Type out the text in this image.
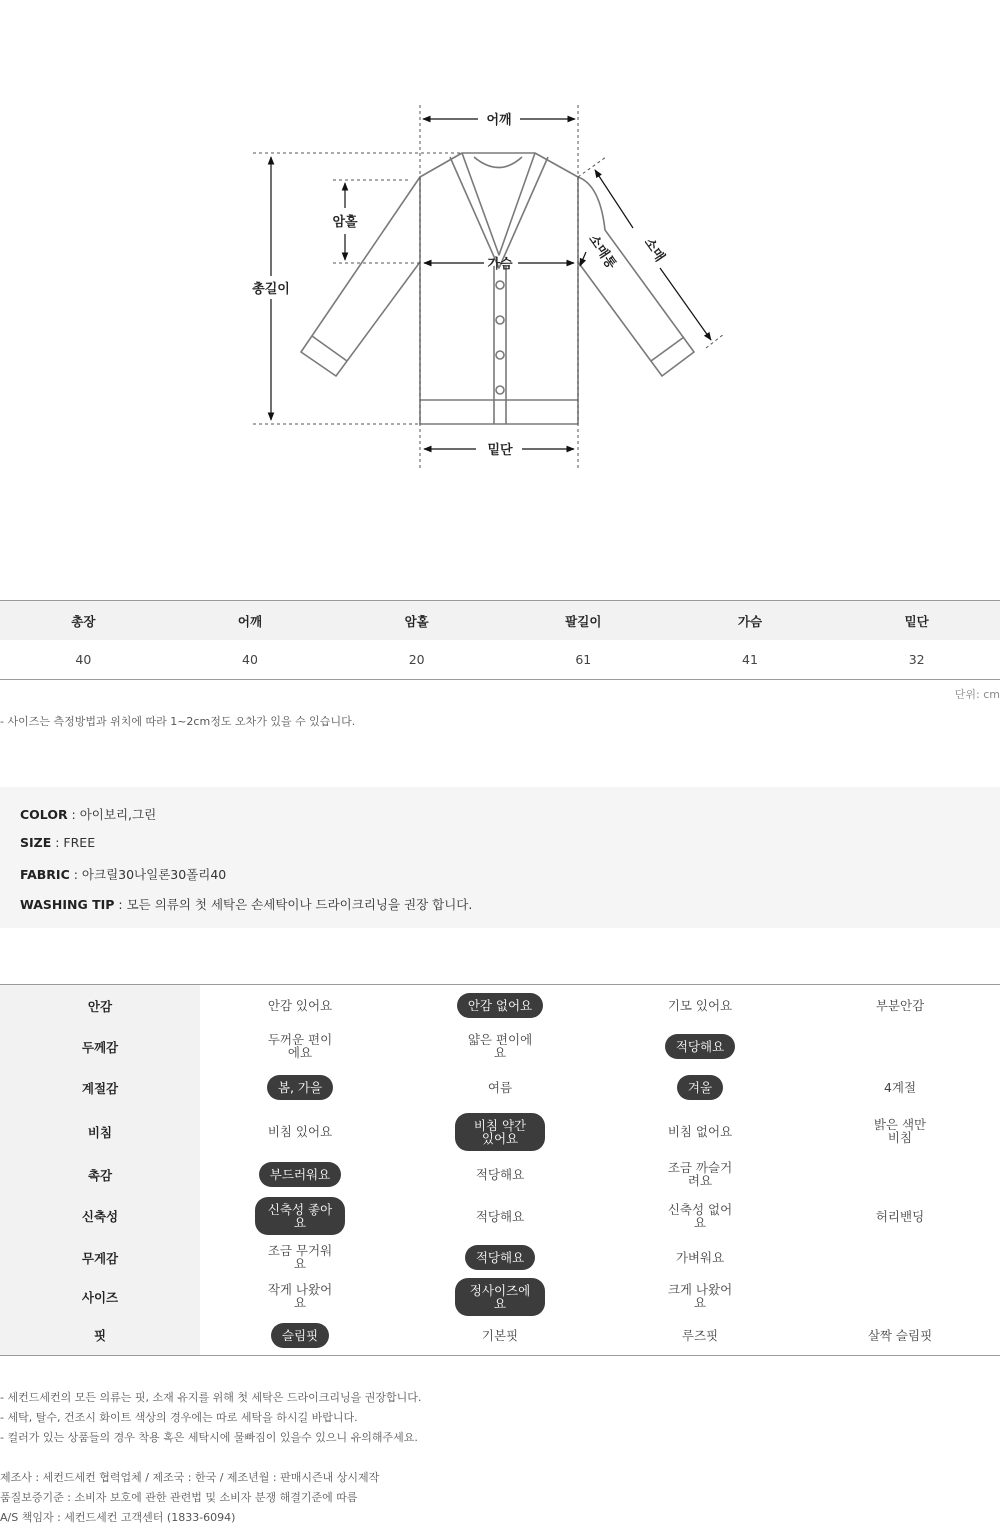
어깨
총길이
암홀
가슴
밑단
소매
소매통
총장	어깨	암홀	팔길이	가슴	밑단
40	40	20	61	41	32
단위: cm

- 사이즈는 측정방법과 위치에 따라 1~2cm정도 오차가 있을 수 있습니다.

COLOR : 아이보리,그린
SIZE : FREE
FABRIC : 아크릴30나일론30폴리40
WASHING TIP : 모든 의류의 첫 세탁은 손세탁이나 드라이크리닝을 권장 합니다.
안감	안감 있어요	안감 없어요	기모 있어요	부분안감
두께감	두꺼운 편이에요	얇은 편이에요	적당해요	
계절감	봄, 가을	여름	겨울	4계절
비침	비침 있어요	비침 약간 있어요	비침 없어요	밝은 색만 비침
촉감	부드러워요	적당해요	조금 까슬거려요	
신축성	신축성 좋아요	적당해요	신축성 없어요	허리밴딩
무게감	조금 무거워요	적당해요	가벼워요	
사이즈	작게 나왔어요	정사이즈에요	크게 나왔어요	
핏	슬림핏	기본핏	루즈핏	살짝 슬림핏

- 세컨드세컨의 모든 의류는 핏, 소재 유지를 위해 첫 세탁은 드라이크리닝을 권장합니다.

- 세탁, 탈수, 건조시 화이트 색상의 경우에는 따로 세탁을 하시길 바랍니다.

- 컬러가 있는 상품들의 경우 착용 혹은 세탁시에 물빠짐이 있을수 있으니 유의해주세요.

제조사 : 세컨드세컨 협력업체 / 제조국 : 한국 / 제조년월 : 판매시즌내 상시제작

품질보증기준 : 소비자 보호에 관한 관련법 및 소비자 분쟁 해결기준에 따름

A/S 책임자 : 세컨드세컨 고객센터 (1833-6094)
